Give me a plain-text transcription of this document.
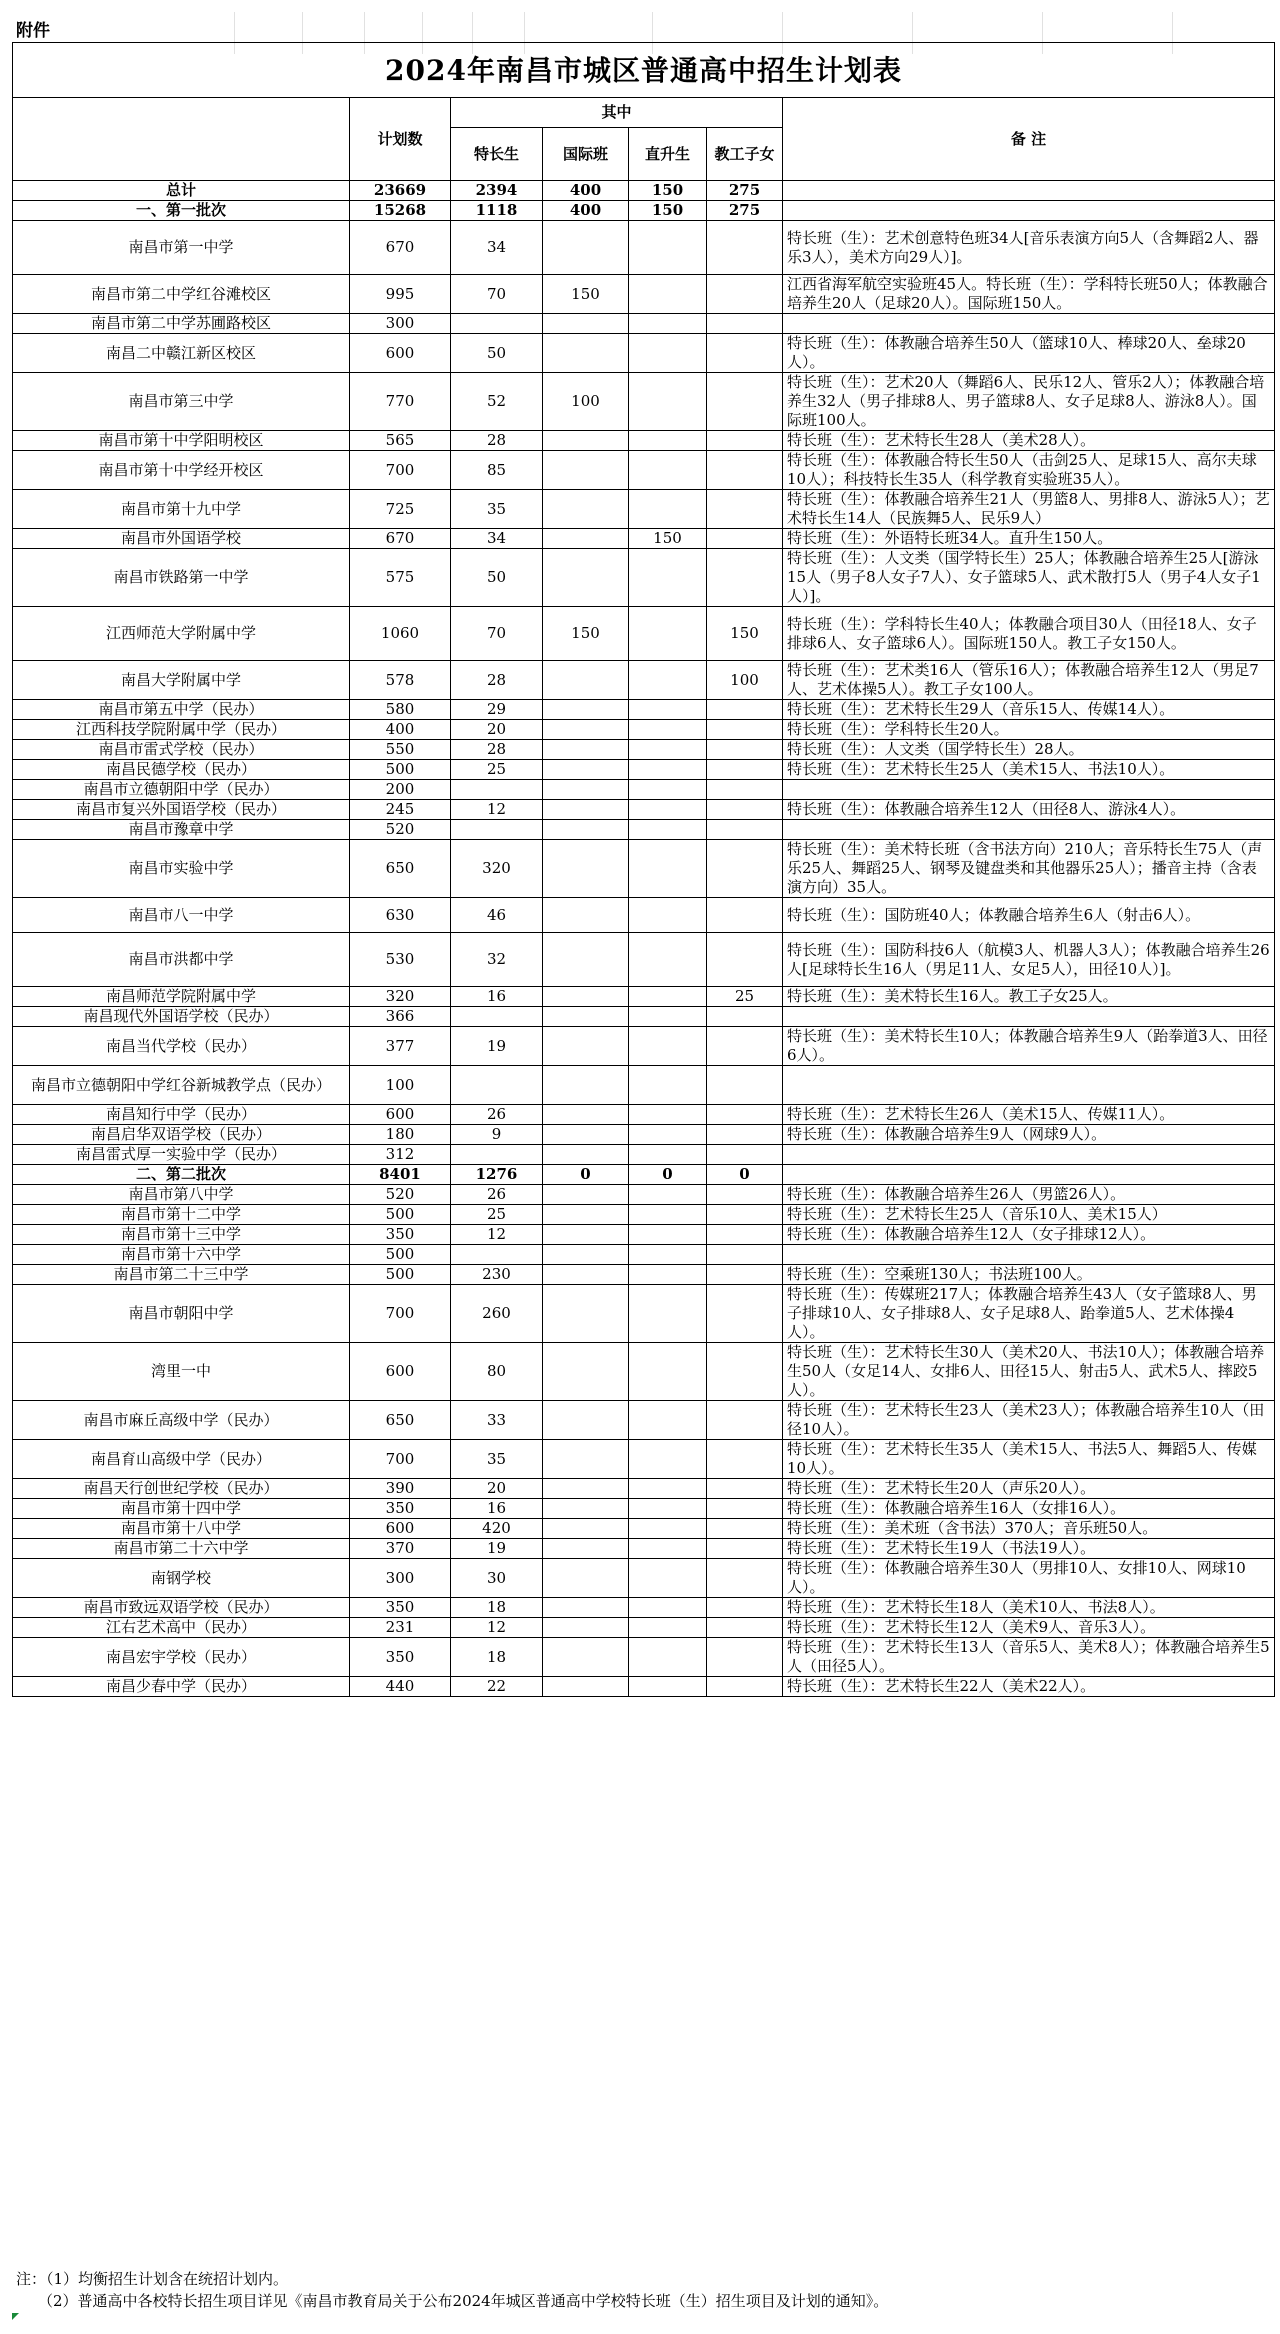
附件
2024年南昌市城区普通高中招生计划表						
	计划数	其中				备 注
		特长生	国际班	直升生	教工子女	
总计	23669	2394	400	150	275	
一、第一批次	15268	1118	400	150	275	
南昌市第一中学	670	34				特长班（生）：艺术创意特色班34人[音乐表演方向5人（含舞蹈2人、器乐3人），美术方向29人）]。
南昌市第二中学红谷滩校区	995	70	150			江西省海军航空实验班45人。特长班（生）：学科特长班50人；体教融合培养生20人（足球20人）。国际班150人。
南昌市第二中学苏圃路校区	300					
南昌二中赣江新区校区	600	50				特长班（生）：体教融合培养生50人（篮球10人、棒球20人、垒球20人）。
南昌市第三中学	770	52	100			特长班（生）：艺术20人（舞蹈6人、民乐12人、管乐2人）；体教融合培养生32人（男子排球8人、男子篮球8人、女子足球8人、游泳8人）。国际班100人。
南昌市第十中学阳明校区	565	28				特长班（生）：艺术特长生28人（美术28人）。
南昌市第十中学经开校区	700	85				特长班（生）：体教融合特长生50人（击剑25人、足球15人、高尔夫球10人）；科技特长生35人（科学教育实验班35人）。
南昌市第十九中学	725	35				特长班（生）：体教融合培养生21人（男篮8人、男排8人、游泳5人）；艺术特长生14人（民族舞5人、民乐9人）
南昌市外国语学校	670	34		150		特长班（生）：外语特长班34人。直升生150人。
南昌市铁路第一中学	575	50				特长班（生）：人文类（国学特长生）25人；体教融合培养生25人[游泳15人（男子8人女子7人）、女子篮球5人、武术散打5人（男子4人女子1人）]。
江西师范大学附属中学	1060	70	150		150	特长班（生）：学科特长生40人；体教融合项目30人（田径18人、女子排球6人、女子篮球6人）。国际班150人。教工子女150人。
南昌大学附属中学	578	28			100	特长班（生）：艺术类16人（管乐16人）；体教融合培养生12人（男足7人、艺术体操5人）。教工子女100人。
南昌市第五中学（民办）	580	29				特长班（生）：艺术特长生29人（音乐15人、传媒14人）。
江西科技学院附属中学（民办）	400	20				特长班（生）：学科特长生20人。
南昌市雷式学校（民办）	550	28				特长班（生）：人文类（国学特长生）28人。
南昌民德学校（民办）	500	25				特长班（生）：艺术特长生25人（美术15人、书法10人）。
南昌市立德朝阳中学（民办）	200					
南昌市复兴外国语学校（民办）	245	12				特长班（生）：体教融合培养生12人（田径8人、游泳4人）。
南昌市豫章中学	520					
南昌市实验中学	650	320				特长班（生）：美术特长班（含书法方向）210人；音乐特长生75人（声乐25人、舞蹈25人、钢琴及键盘类和其他器乐25人）；播音主持（含表演方向）35人。
南昌市八一中学	630	46				特长班（生）：国防班40人；体教融合培养生6人（射击6人）。
南昌市洪都中学	530	32				特长班（生）：国防科技6人（航模3人、机器人3人）；体教融合培养生26人[足球特长生16人（男足11人、女足5人），田径10人）]。
南昌师范学院附属中学	320	16			25	特长班（生）：美术特长生16人。教工子女25人。
南昌现代外国语学校（民办）	366					
南昌当代学校（民办）	377	19				特长班（生）：美术特长生10人；体教融合培养生9人（跆拳道3人、田径6人）。
南昌市立德朝阳中学红谷新城教学点（民办）	100					
南昌知行中学（民办）	600	26				特长班（生）：艺术特长生26人（美术15人、传媒11人）。
南昌启华双语学校（民办）	180	9				特长班（生）：体教融合培养生9人（网球9人）。
南昌雷式厚一实验中学（民办）	312					
二、第二批次	8401	1276	0	0	0	
南昌市第八中学	520	26				特长班（生）：体教融合培养生26人（男篮26人）。
南昌市第十二中学	500	25				特长班（生）：艺术特长生25人（音乐10人、美术15人）
南昌市第十三中学	350	12				特长班（生）：体教融合培养生12人（女子排球12人）。
南昌市第十六中学	500					
南昌市第二十三中学	500	230				特长班（生）：空乘班130人；书法班100人。
南昌市朝阳中学	700	260				特长班（生）：传媒班217人；体教融合培养生43人（女子篮球8人、男子排球10人、女子排球8人、女子足球8人、跆拳道5人、艺术体操4人）。
湾里一中	600	80				特长班（生）：艺术特长生30人（美术20人、书法10人）；体教融合培养生50人（女足14人、女排6人、田径15人、射击5人、武术5人、摔跤5人）。
南昌市麻丘高级中学（民办）	650	33				特长班（生）：艺术特长生23人（美术23人）；体教融合培养生10人（田径10人）。
南昌育山高级中学（民办）	700	35				特长班（生）：艺术特长生35人（美术15人、书法5人、舞蹈5人、传媒10人）。
南昌天行创世纪学校（民办）	390	20				特长班（生）：艺术特长生20人（声乐20人）。
南昌市第十四中学	350	16				特长班（生）：体教融合培养生16人（女排16人）。
南昌市第十八中学	600	420				特长班（生）：美术班（含书法）370人；音乐班50人。
南昌市第二十六中学	370	19				特长班（生）：艺术特长生19人（书法19人）。
南钢学校	300	30				特长班（生）：体教融合培养生30人（男排10人、女排10人、网球10人）。
南昌市致远双语学校（民办）	350	18				特长班（生）：艺术特长生18人（美术10人、书法8人）。
江右艺术高中（民办）	231	12				特长班（生）：艺术特长生12人（美术9人、音乐3人）。
南昌宏宇学校（民办）	350	18				特长班（生）：艺术特长生13人（音乐5人、美术8人）；体教融合培养生5人（田径5人）。
南昌少春中学（民办）	440	22				特长班（生）：艺术特长生22人（美术22人）。
注：（1）均衡招生计划含在统招计划内。
（2）普通高中各校特长招生项目详见《南昌市教育局关于公布2024年城区普通高中学校特长班（生）招生项目及计划的通知》。
